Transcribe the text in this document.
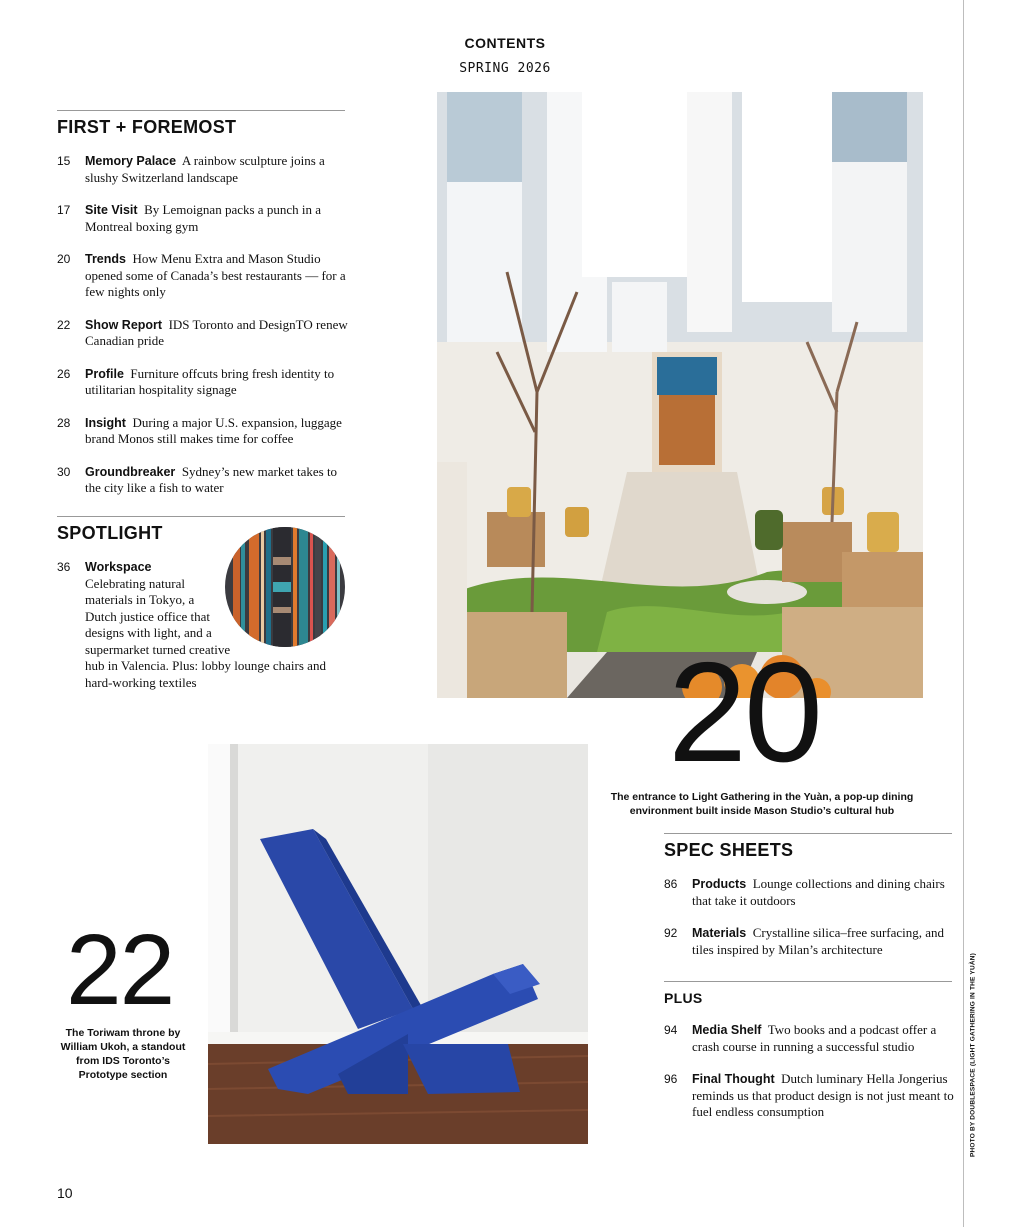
CONTENTS
SPRING 2026
FIRST + FOREMOST
15	Memory Palace A rainbow sculpture joins a slushy Switzerland landscape
17	Site Visit By Lemoignan packs a punch in a Montreal boxing gym
20	Trends How Menu Extra and Mason Studio opened some of Canada’s best restaurants — for a few nights only
22	Show Report IDS Toronto and DesignTO renew Canadian pride
26	Profile Furniture offcuts bring fresh identity to utilitarian hospitality signage
28	Insight During a major U.S. expansion, luggage brand Monos still makes time for coffee
30	Groundbreaker Sydney’s new market takes to the city like a fish to water
SPOTLIGHT
36	Workspace
Celebrating natural materials in Tokyo, a Dutch justice office that designs with light, and a supermarket turned creative hub in Valencia. Plus: lobby lounge chairs and hard-working textiles	20
The entrance to Light Gathering in the Yuàn, a pop-up dining environment built inside Mason Studio’s cultural hub
22
The Toriwam throne by William Ukoh, a standout from IDS Toronto’s Prototype section
SPEC SHEETS
86	Products Lounge collections and dining chairs that take it outdoors
92	Materials Crystalline silica–free surfacing, and tiles inspired by Milan’s architecture
PLUS
94	Media Shelf Two books and a podcast offer a crash course in running a successful studio
96	Final Thought Dutch luminary Hella Jongerius reminds us that product design is not just meant to fuel endless consumption	PHOTO BY DOUBLESPACE (LIGHT GATHERING IN THE YUÀN)
10
